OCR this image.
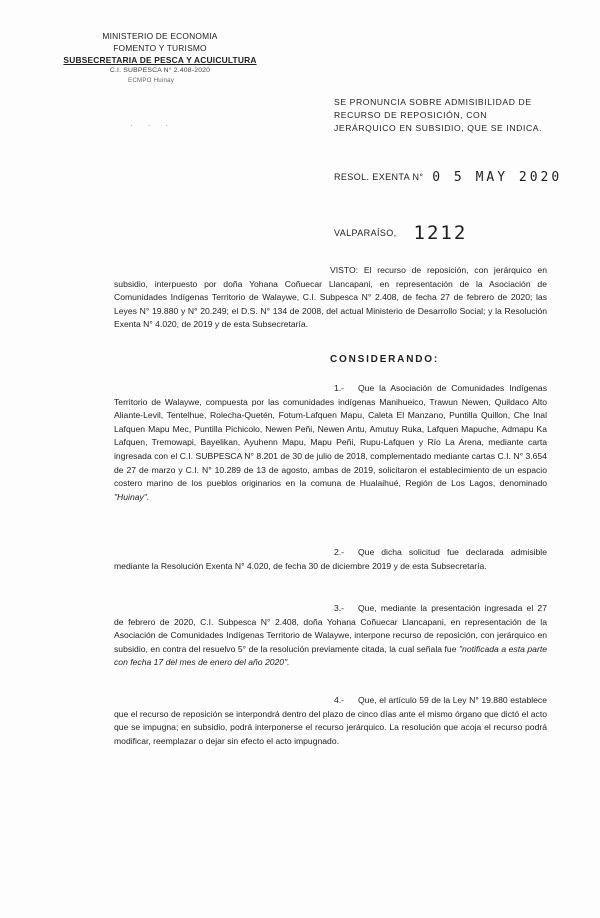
MINISTERIO DE ECONOMIA
FOMENTO Y TURISMO
SUBSECRETARIA DE PESCA Y ACUICULTURA
C.I. SUBPESCA N° 2.408-2020
ECMPO Huinay
· · ·
SE PRONUNCIA SOBRE ADMISIBILIDAD DE RECURSO DE REPOSICIÓN, CON JERÁRQUICO EN SUBSIDIO, QUE SE INDICA.
RESOL. EXENTA N° 0 5 MAY 2020
VALPARAÍSO, 1212

VISTO: El recurso de reposición, con jerárquico en subsidio, interpuesto por doña Yohana Coñuecar Llancapani, en representación de la Asociación de Comunidades Indígenas Territorio de Walaywe, C.I. Subpesca N° 2.408, de fecha 27 de febrero de 2020; las Leyes N° 19.880 y N° 20.249; el D.S. N° 134 de 2008, del actual Ministerio de Desarrollo Social; y la Resolución Exenta N° 4.020, de 2019 y de esta Subsecretaría.

CONSIDERANDO:

1.- Que la Asociación de Comunidades Indígenas Territorio de Walaywe, compuesta por las comunidades indígenas Manihueico, Trawun Newen, Quildaco Alto Aliante-Levil, Tentelhue, Rolecha-Quetén, Fotum-Lafquen Mapu, Caleta El Manzano, Puntilla Quillon, Che Inal Lafquen Mapu Mec, Puntilla Pichicolo, Newen Peñi, Newen Antu, Amutuy Ruka, Lafquen Mapuche, Admapu Ka Lafquen, Tremowapi, Bayelikan, Ayuhenn Mapu, Mapu Peñi, Rupu-Lafquen y Río La Arena, mediante carta ingresada con el C.I. SUBPESCA N° 8.201 de 30 de julio de 2018, complementado mediante cartas C.I. N° 3.654 de 27 de marzo y C.I. N° 10.289 de 13 de agosto, ambas de 2019, solicitaron el establecimiento de un espacio costero marino de los pueblos originarios en la comuna de Hualaihué, Región de Los Lagos, denominado "Huinay".

2.- Que dicha solicitud fue declarada admisible mediante la Resolución Exenta N° 4.020, de fecha 30 de diciembre 2019 y de esta Subsecretaría.

3.- Que, mediante la presentación ingresada el 27 de febrero de 2020, C.I. Subpesca N° 2.408, doña Yohana Coñuecar Llancapani, en representación de la Asociación de Comunidades Indígenas Territorio de Walaywe, interpone recurso de reposición, con jerárquico en subsidio, en contra del resuelvo 5° de la resolución previamente citada, la cual señala fue "notificada a esta parte con fecha 17 del mes de enero del año 2020".

4.- Que, el artículo 59 de la Ley N° 19.880 establece que el recurso de reposición se interpondrá dentro del plazo de cinco días ante el mismo órgano que dictó el acto que se impugna; en subsidio, podrá interponerse el recurso jerárquico. La resolución que acoja el recurso podrá modificar, reemplazar o dejar sin efecto el acto impugnado.
